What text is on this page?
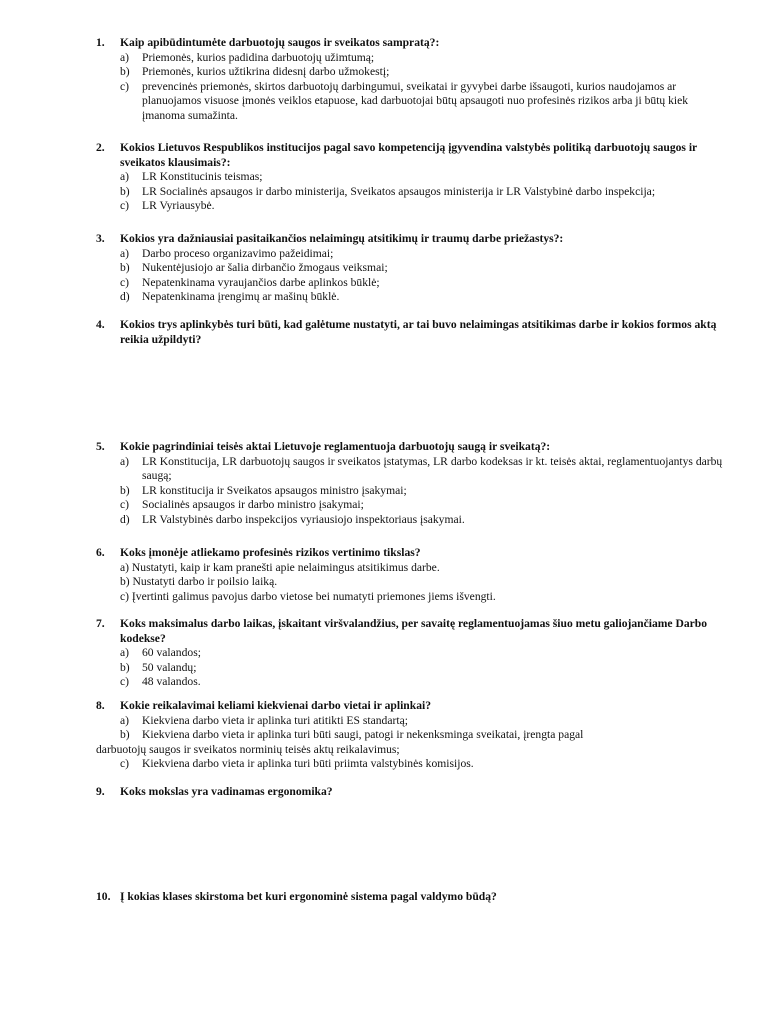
1.	Kaip apibūdintumėte darbuotojų saugos ir sveikatos sampratą?:
a)	Priemonės, kurios padidina darbuotojų užimtumą;
b)	Priemonės, kurios užtikrina didesnį darbo užmokestį;
c)	prevencinės priemonės, skirtos darbuotojų darbingumui, sveikatai ir gyvybei darbe išsaugoti, kurios naudojamos ar planuojamos visuose įmonės veiklos etapuose, kad darbuotojai būtų apsaugoti nuo profesinės rizikos arba ji būtų kiek įmanoma sumažinta.
2.	Kokios Lietuvos Respublikos institucijos pagal savo kompetenciją įgyvendina valstybės politiką darbuotojų saugos ir sveikatos klausimais?:
a)	LR Konstitucinis teismas;
b)	LR Socialinės apsaugos ir darbo ministerija, Sveikatos apsaugos ministerija ir LR Valstybinė darbo inspekcija;
c)	LR Vyriausybė.
3.	Kokios yra dažniausiai pasitaikančios nelaimingų atsitikimų ir traumų darbe priežastys?:
a)	Darbo proceso organizavimo pažeidimai;
b)	Nukentėjusiojo ar šalia dirbančio žmogaus veiksmai;
c)	Nepatenkinama vyraujančios darbe aplinkos būklė;
d)	Nepatenkinama įrengimų ar mašinų būklė.
4.	Kokios trys aplinkybės turi būti, kad galėtume nustatyti, ar tai buvo nelaimingas atsitikimas darbe ir kokios formos aktą reikia užpildyti?
5.	Kokie pagrindiniai teisės aktai Lietuvoje reglamentuoja darbuotojų saugą ir sveikatą?:
a)	LR Konstitucija, LR darbuotojų saugos ir sveikatos įstatymas, LR darbo kodeksas ir kt. teisės aktai, reglamentuojantys darbų saugą;
b)	LR konstitucija ir Sveikatos apsaugos ministro įsakymai;
c)	Socialinės apsaugos ir darbo ministro įsakymai;
d)	LR Valstybinės darbo inspekcijos vyriausiojo inspektoriaus įsakymai.
6.	Koks įmonėje atliekamo profesinės rizikos vertinimo tikslas?
a) Nustatyti, kaip ir kam pranešti apie nelaimingus atsitikimus darbe.
b) Nustatyti darbo ir poilsio laiką.
c) Įvertinti galimus pavojus darbo vietose bei numatyti priemones jiems išvengti.
7.	Koks maksimalus darbo laikas, įskaitant viršvalandžius, per savaitę reglamentuojamas šiuo metu galiojančiame Darbo kodekse?
a)	60 valandos;
b)	50 valandų;
c)	48 valandos.
8.	Kokie reikalavimai keliami kiekvienai darbo vietai ir aplinkai?
a)	Kiekviena darbo vieta ir aplinka turi atitikti ES standartą;
b)	Kiekviena darbo vieta ir aplinka turi būti saugi, patogi ir nekenksminga sveikatai, įrengta pagal
darbuotojų saugos ir sveikatos norminių teisės aktų reikalavimus;
c)	Kiekviena darbo vieta ir aplinka turi būti priimta valstybinės komisijos.
9.	Koks mokslas yra vadinamas ergonomika?
10. Į kokias klases skirstoma bet kuri ergonominė sistema pagal valdymo būdą?
